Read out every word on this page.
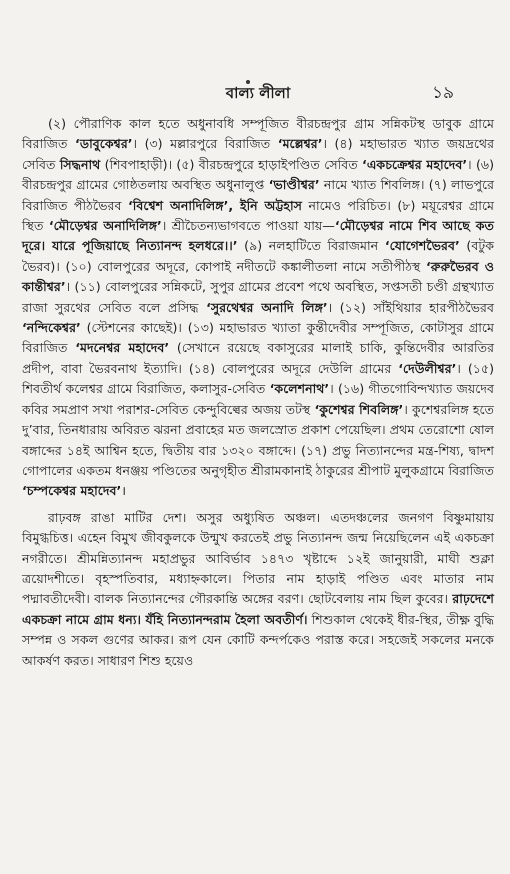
বাল্য লীলা	১৯

(২) পৌরাণিক কাল হতে অধুনাবধি সম্পূজিত বীরচন্দ্রপুর গ্রাম সন্নিকটস্থ ডাবুক গ্রামে বিরাজিত ‘ডাবুকেশ্বর’। (৩) মল্লারপুরে বিরাজিত ‘মল্লেশ্বর’। (৪) মহাভারত খ্যাত জয়দ্রথের সেবিত সিদ্ধনাথ (শিবপাহাড়ী)। (৫) বীরচন্দ্রপুরে হাড়াইপণ্ডিত সেবিত ‘একচক্রেশ্বর মহাদেব’। (৬) বীরচন্দ্রপুর গ্রামের গোষ্ঠতলায় অবস্থিত অধুনালুপ্ত ‘ভাণ্ডীশ্বর’ নামে খ্যাত শিবলিঙ্গ। (৭) লাভপুরে বিরাজিত পীঠভৈরব ‘বিশ্বেশ অনাদিলিঙ্গ’, ইনি অট্টহাস নামেও পরিচিত। (৮) ময়ূরেশ্বর গ্রামে স্থিত ‘মৌড়েশ্বর অনাদিলিঙ্গ’। শ্রীচৈতন্যভাগবতে পাওয়া যায়—‘মৌড়েশ্বর নামে শিব আছে কত দূরে। যারে পূজিয়াছে নিত্যানন্দ হলধরে।।’ (৯) নলহাটিতে বিরাজমান ‘যোগেশভৈরব’ (বটুক ভৈরব)। (১০) বোলপুরের অদূরে, কোপাই নদীতটে কঙ্কালীতলা নামে সতীপীঠস্থ ‘রুরুভৈরব ও কান্তীশ্বর’। (১১) বোলপুরের সন্নিকটে, সুপুর গ্রামের প্রবেশ পথে অবস্থিত, সপ্তসতী চণ্ডী গ্রন্থখ্যাত রাজা সুরথের সেবিত বলে প্রসিদ্ধ ‘সুরথেশ্বর অনাদি লিঙ্গ’। (১২) সাঁইথিয়ার হারপীঠভৈরব ‘নন্দিকেশ্বর’ (স্টেশনের কাছেই)। (১৩) মহাভারত খ্যাতা কুন্তীদেবীর সম্পূজিত, কোটাসুর গ্রামে বিরাজিত ‘মদনেশ্বর মহাদেব’ (সেখানে রয়েছে বকাসুরের মালাই চাকি, কুন্তিদেবীর আরতির প্রদীপ, বাবা ভৈরবনাথ ইত্যাদি। (১৪) বোলপুরের অদূরে দেউলি গ্রামের ‘দেউলীশ্বর’। (১৫) শিবতীর্থ কলেশ্বর গ্রামে বিরাজিত, কলাসুর-সেবিত ‘কলেশনাথ’। (১৬) গীতগোবিন্দখ্যাত জয়দেব কবির সমপ্রাণ সখা পরাশর-সেবিত কেন্দুবিল্বের অজয় তটস্থ ‘কুশেশ্বর শিবলিঙ্গ’। কুশেশ্বরলিঙ্গ হতে দু’বার, তিনধারায় অবিরত ঝরনা প্রবাহের মত জলস্রোত প্রকাশ পেয়েছিল। প্রথম তেরোশো ষোল বঙ্গাব্দের ১৪ই আশ্বিন হতে, দ্বিতীয় বার ১৩২০ বঙ্গাব্দে। (১৭) প্রভু নিত্যানন্দের মন্ত্র-শিষ্য, দ্বাদশ গোপালের একতম ধনঞ্জয় পণ্ডিতের অনুগৃহীত শ্রীরামকানাই ঠাকুরের শ্রীপাট মুলুকগ্রামে বিরাজিত ‘চম্পকেশ্বর মহাদেব’।

রাঢ়বঙ্গ রাঙা মাটির দেশ। অসুর অধ্যুষিত অঞ্চল। এতদঞ্চলের জনগণ বিষ্ণুমায়ায় বিমুগ্ধচিত্ত। এহেন বিমুখ জীবকুলকে উন্মুখ করতেই প্রভু নিত্যানন্দ জন্ম নিয়েছিলেন এই একচক্রা নগরীতে। শ্রীমন্নিত্যানন্দ মহাপ্রভুর আবির্ভাব ১৪৭৩ খৃষ্টাব্দে ১২ই জানুয়ারী, মাঘী শুক্লা ত্রয়োদশীতে। বৃহস্পতিবার, মধ্যাহ্নকালে। পিতার নাম হাড়াই পণ্ডিত এবং মাতার নাম পদ্মাবতীদেবী। বালক নিত্যানন্দের গৌরকান্তি অঙ্গের বরণ। ছোটবেলায় নাম ছিল কুবের। রাঢ়দেশে একচক্রা নামে গ্রাম ধন্য। যঁহি নিত্যানন্দরাম হৈলা অবতীর্ণ। শিশুকাল থেকেই ধীর-স্থির, তীক্ষ্ণ বুদ্ধি সম্পন্ন ও সকল গুণের আকর। রূপ যেন কোটি কন্দর্পকেও পরাস্ত করে। সহজেই সকলের মনকে আকর্ষণ করত। সাধারণ শিশু হয়েও
